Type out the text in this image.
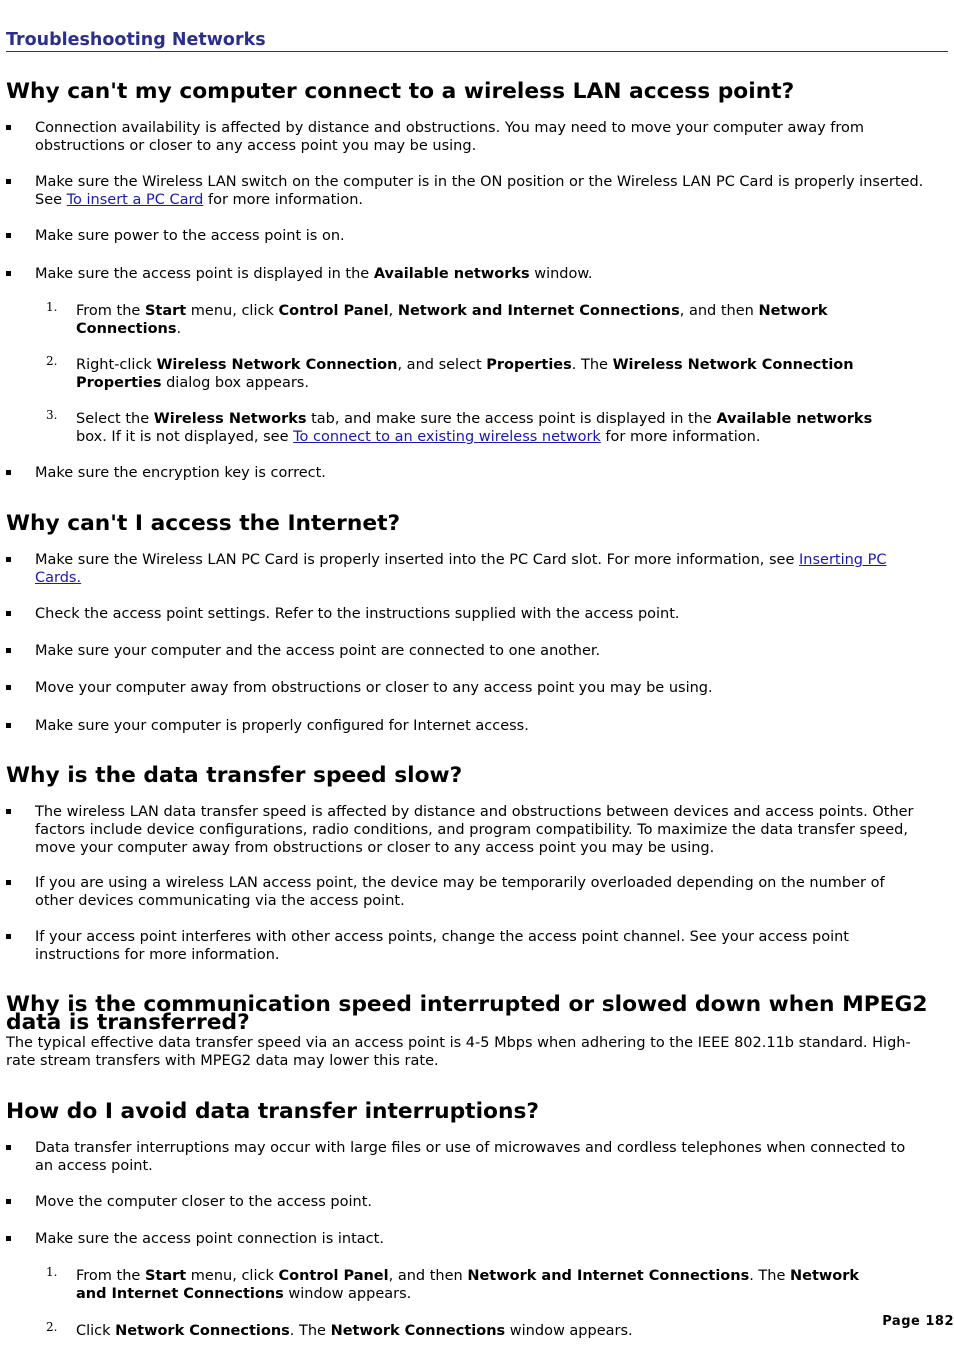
Troubleshooting Networks
Why can't my computer connect to a wireless LAN access point?
Connection availability is affected by distance and obstructions. You may need to move your computer away from obstructions or closer to any access point you may be using.
Make sure the Wireless LAN switch on the computer is in the ON position or the Wireless LAN PC Card is properly inserted. See To insert a PC Card for more information.
Make sure power to the access point is on.
Make sure the access point is displayed in the Available networks window.
1. From the Start menu, click Control Panel, Network and Internet Connections, and then Network Connections.
2. Right-click Wireless Network Connection, and select Properties. The Wireless Network Connection Properties dialog box appears.
3. Select the Wireless Networks tab, and make sure the access point is displayed in the Available networks box. If it is not displayed, see To connect to an existing wireless network for more information.
Make sure the encryption key is correct.
Why can't I access the Internet?
Make sure the Wireless LAN PC Card is properly inserted into the PC Card slot. For more information, see Inserting PC Cards.
Check the access point settings. Refer to the instructions supplied with the access point.
Make sure your computer and the access point are connected to one another.
Move your computer away from obstructions or closer to any access point you may be using.
Make sure your computer is properly configured for Internet access.
Why is the data transfer speed slow?
The wireless LAN data transfer speed is affected by distance and obstructions between devices and access points. Other factors include device configurations, radio conditions, and program compatibility. To maximize the data transfer speed, move your computer away from obstructions or closer to any access point you may be using.
If you are using a wireless LAN access point, the device may be temporarily overloaded depending on the number of other devices communicating via the access point.
If your access point interferes with other access points, change the access point channel. See your access point instructions for more information.
Why is the communication speed interrupted or slowed down when MPEG2 data is transferred?

The typical effective data transfer speed via an access point is 4-5 Mbps when adhering to the IEEE 802.11b standard. High-rate stream transfers with MPEG2 data may lower this rate.

How do I avoid data transfer interruptions?
Data transfer interruptions may occur with large files or use of microwaves and cordless telephones when connected to an access point.
Move the computer closer to the access point.
Make sure the access point connection is intact.
1. From the Start menu, click Control Panel, and then Network and Internet Connections. The Network and Internet Connections window appears.
2. Click Network Connections. The Network Connections window appears.
Page 182
